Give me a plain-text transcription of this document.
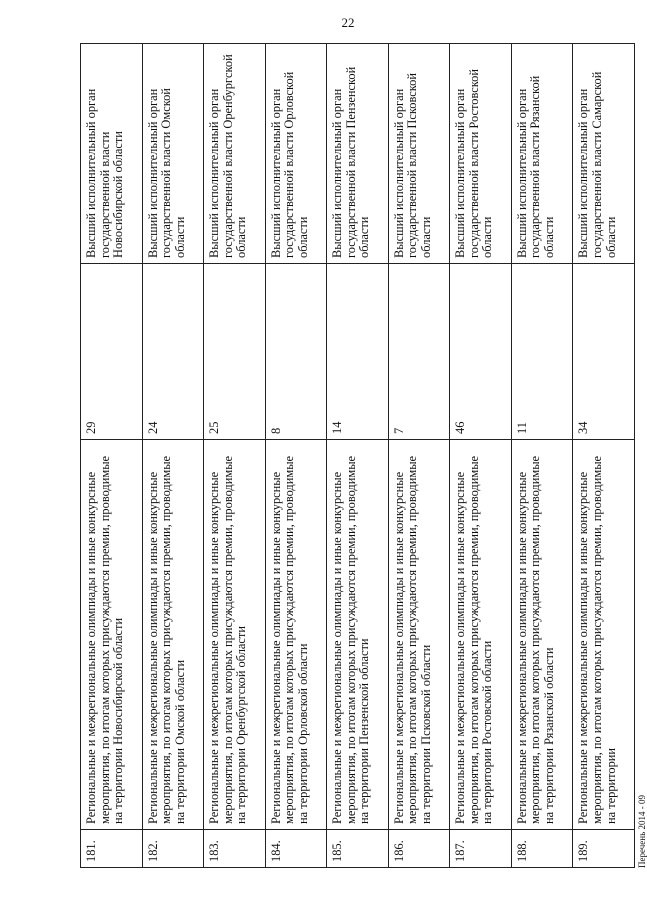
181.	Региональные и межрегиональные олимпиады и иные конкурсные мероприятия, по итогам которых присуждаются премии, проводимые на территории Новосибирской области	29	Высший исполнительный орган государственной власти Новосибирской области
182.	Региональные и межрегиональные олимпиады и иные конкурсные мероприятия, по итогам которых присуждаются премии, проводимые на территории Омской области	24	Высший исполнительный орган государственной власти Омской области
183.	Региональные и межрегиональные олимпиады и иные конкурсные мероприятия, по итогам которых присуждаются премии, проводимые на территории Оренбургской области	25	Высший исполнительный орган государственной власти Оренбургской области
184.	Региональные и межрегиональные олимпиады и иные конкурсные мероприятия, по итогам которых присуждаются премии, проводимые на территории Орловской области	8	Высший исполнительный орган государственной власти Орловской области
185.	Региональные и межрегиональные олимпиады и иные конкурсные мероприятия, по итогам которых присуждаются премии, проводимые на территории Пензенской области	14	Высший исполнительный орган государственной власти Пензенской области
186.	Региональные и межрегиональные олимпиады и иные конкурсные мероприятия, по итогам которых присуждаются премии, проводимые на территории Псковской области	7	Высший исполнительный орган государственной власти Псковской области
187.	Региональные и межрегиональные олимпиады и иные конкурсные мероприятия, по итогам которых присуждаются премии, проводимые на территории Ростовской области	46	Высший исполнительный орган государственной власти Ростовской области
188.	Региональные и межрегиональные олимпиады и иные конкурсные мероприятия, по итогам которых присуждаются премии, проводимые на территории Рязанской области	11	Высший исполнительный орган государственной власти Рязанской области
189.	Региональные и межрегиональные олимпиады и иные конкурсные мероприятия, по итогам которых присуждаются премии, проводимые на территории	34	Высший исполнительный орган государственной власти Самарской области
22
Перечень 2014 - 09
